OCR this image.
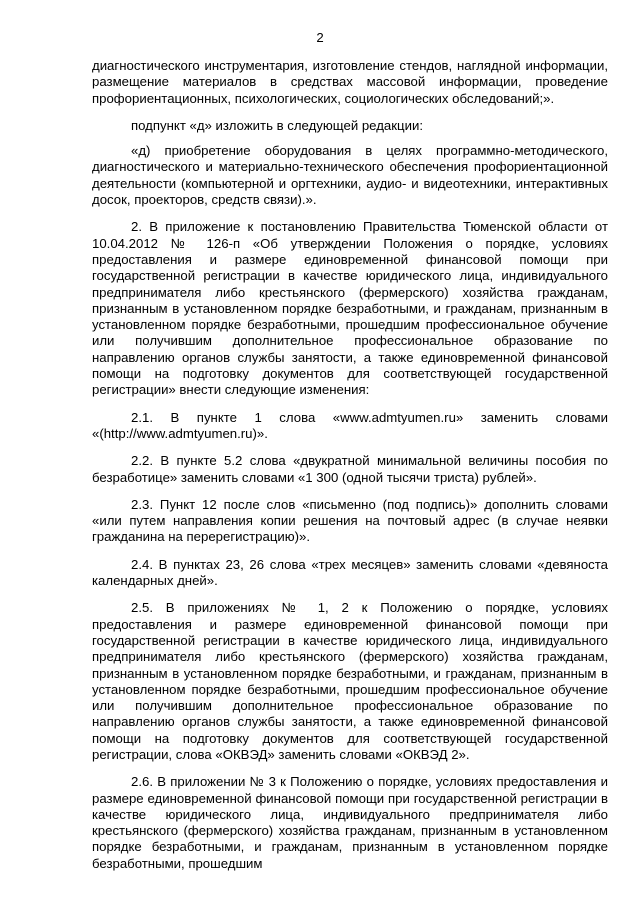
2

диагностического инструментария, изготовление стендов, наглядной информации, размещение материалов в средствах массовой информации, проведение профориентационных, психологических, социологических обследований;».

подпункт «д» изложить в следующей редакции:

«д) приобретение оборудования в целях программно-методического, диагностического и материально-технического обеспечения профориентационной деятельности (компьютерной и оргтехники, аудио- и видеотехники, интерактивных досок, проекторов, средств связи).».

2. В приложение к постановлению Правительства Тюменской области от 10.04.2012 № 126-п «Об утверждении Положения о порядке, условиях предоставления и размере единовременной финансовой помощи при государственной регистрации в качестве юридического лица, индивидуального предпринимателя либо крестьянского (фермерского) хозяйства гражданам, признанным в установленном порядке безработными, и гражданам, признанным в установленном порядке безработными, прошедшим профессиональное обучение или получившим дополнительное профессиональное образование по направлению органов службы занятости, а также единовременной финансовой помощи на подготовку документов для соответствующей государственной регистрации» внести следующие изменения:

2.1. В пункте 1 слова «www.admtyumen.ru» заменить словами «(http://www.admtyumen.ru)».

2.2. В пункте 5.2 слова «двукратной минимальной величины пособия по безработице» заменить словами «1 300 (одной тысячи триста) рублей».

2.3. Пункт 12 после слов «письменно (под подпись)» дополнить словами «или путем направления копии решения на почтовый адрес (в случае неявки гражданина на перерегистрацию)».

2.4. В пунктах 23, 26 слова «трех месяцев» заменить словами «девяноста календарных дней».

2.5. В приложениях № 1, 2 к Положению о порядке, условиях предоставления и размере единовременной финансовой помощи при государственной регистрации в качестве юридического лица, индивидуального предпринимателя либо крестьянского (фермерского) хозяйства гражданам, признанным в установленном порядке безработными, и гражданам, признанным в установленном порядке безработными, прошедшим профессиональное обучение или получившим дополнительное профессиональное образование по направлению органов службы занятости, а также единовременной финансовой помощи на подготовку документов для соответствующей государственной регистрации, слова «ОКВЭД» заменить словами «ОКВЭД 2».

2.6. В приложении № 3 к Положению о порядке, условиях предоставления и размере единовременной финансовой помощи при государственной регистрации в качестве юридического лица, индивидуального предпринимателя либо крестьянского (фермерского) хозяйства гражданам, признанным в установленном порядке безработными, и гражданам, признанным в установленном порядке безработными, прошедшим
